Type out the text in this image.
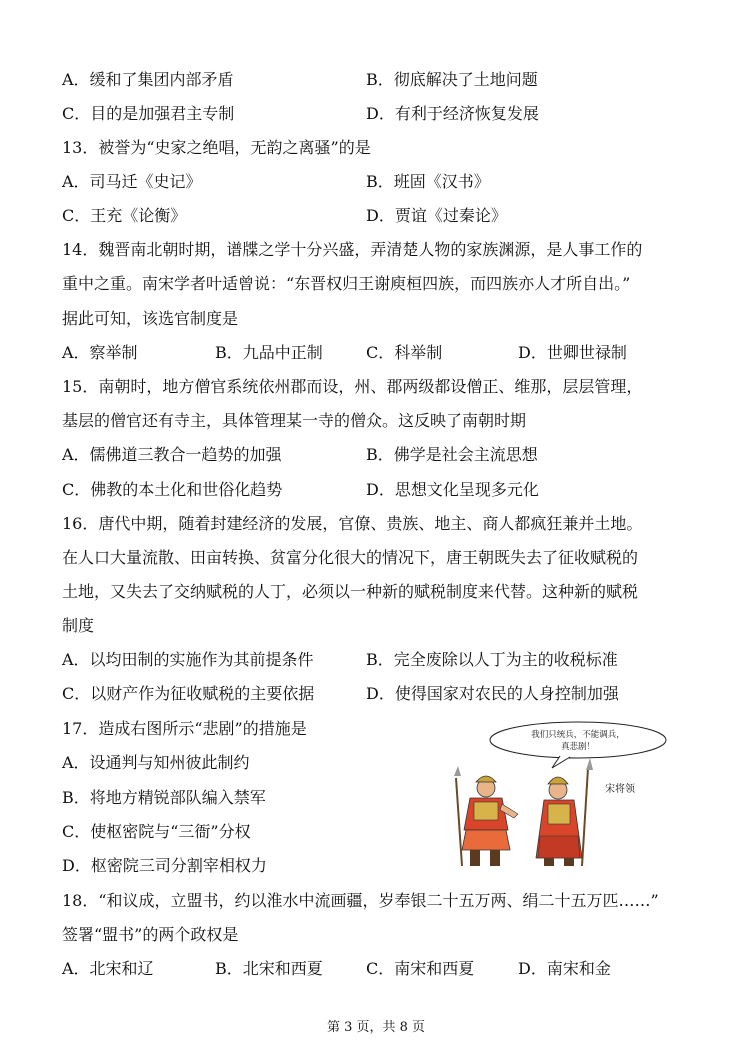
A．缓和了集团内部矛盾	B．彻底解决了土地问题
C．目的是加强君主专制	D．有利于经济恢复发展
13．被誉为“史家之绝唱，无韵之离骚”的是
A．司马迁《史记》	B．班固《汉书》
C．王充《论衡》	D．贾谊《过秦论》
14．魏晋南北朝时期，谱牒之学十分兴盛，弄清楚人物的家族渊源，是人事工作的
重中之重。南宋学者叶适曾说：“东晋权归王谢庾桓四族，而四族亦人才所自出。”
据此可知，该选官制度是
A．察举制	B．九品中正制	C．科举制	D．世卿世禄制
15．南朝时，地方僧官系统依州郡而设，州、郡两级都设僧正、维那，层层管理，
基层的僧官还有寺主，具体管理某一寺的僧众。这反映了南朝时期
A．儒佛道三教合一趋势的加强	B．佛学是社会主流思想
C．佛教的本土化和世俗化趋势	D．思想文化呈现多元化
16．唐代中期，随着封建经济的发展，官僚、贵族、地主、商人都疯狂兼并土地。
在人口大量流散、田亩转换、贫富分化很大的情况下，唐王朝既失去了征收赋税的
土地，又失去了交纳赋税的人丁，必须以一种新的赋税制度来代替。这种新的赋税
制度
A．以均田制的实施作为其前提条件	B．完全废除以人丁为主的收税标准
C．以财产作为征收赋税的主要依据	D．使得国家对农民的人身控制加强
17．造成右图所示“悲剧”的措施是
A．设通判与知州彼此制约
B．将地方精锐部队编入禁军
C．使枢密院与“三衙”分权
D．枢密院三司分割宰相权力
我们只统兵，不能调兵，
真悲剧！
宋将领
18．“和议成，立盟书，约以淮水中流画疆，岁奉银二十五万两、绢二十五万匹……”
签署“盟书”的两个政权是
A．北宋和辽	B．北宋和西夏	C．南宋和西夏	D．南宋和金
第 3 页，共 8 页
